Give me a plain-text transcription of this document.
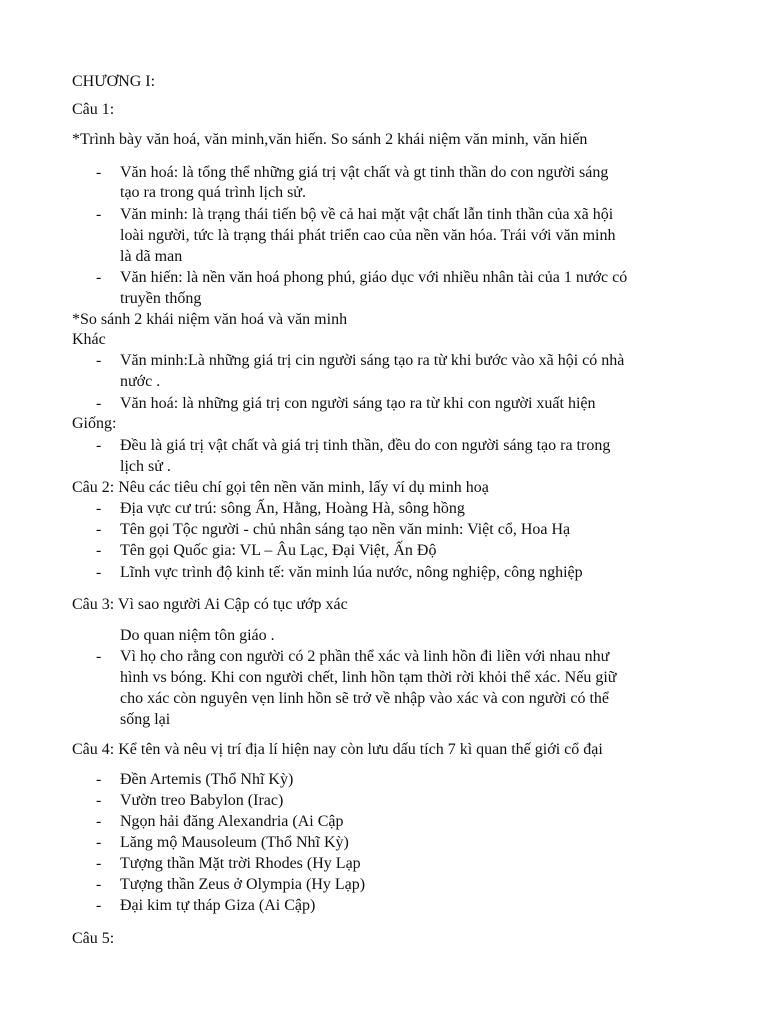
CHƯƠNG I:
Câu 1:
*Trình bày văn hoá, văn minh,văn hiến. So sánh 2 khái niệm văn minh, văn hiến
- Văn hoá: là tổng thể những giá trị vật chất và gt tinh thần do con người sáng
tạo ra trong quá trình lịch sử.
- Văn minh: là trạng thái tiến bộ về cả hai mặt vật chất lẫn tinh thần của xã hội
loài người, tức là trạng thái phát triển cao của nền văn hóa. Trái với văn minh
là dã man
- Văn hiến: là nền văn hoá phong phú, giáo dục với nhiều nhân tài của 1 nước có
truyền thống
*So sánh 2 khái niệm văn hoá và văn minh
Khác
- Văn minh:Là những giá trị cin người sáng tạo ra từ khi bước vào xã hội có nhà
nước .
- Văn hoá: là những giá trị con người sáng tạo ra từ khi con người xuất hiện
Giống:
- Đều là giá trị vật chất và giá trị tinh thần, đều do con người sáng tạo ra trong
lịch sử .
Câu 2: Nêu các tiêu chí gọi tên nền văn minh, lấy ví dụ minh hoạ
- Địa vực cư trú: sông Ấn, Hằng, Hoàng Hà, sông hồng
- Tên gọi Tộc người - chủ nhân sáng tạo nền văn minh: Việt cổ, Hoa Hạ
- Tên gọi Quốc gia: VL – Âu Lạc, Đại Việt, Ấn Độ
- Lĩnh vực trình độ kinh tế: văn minh lúa nước, nông nghiệp, công nghiệp
Câu 3: Vì sao người Ai Cập có tục ướp xác
Do quan niệm tôn giáo .
- Vì họ cho rằng con người có 2 phần thể xác và linh hồn đi liền với nhau như
hình vs bóng. Khi con người chết, linh hồn tạm thời rời khỏi thể xác. Nếu giữ
cho xác còn nguyên vẹn linh hồn sẽ trở về nhập vào xác và con người có thể
sống lại
Câu 4: Kể tên và nêu vị trí địa lí hiện nay còn lưu dấu tích 7 kì quan thế giới cổ đại
- Đền Artemis (Thổ Nhĩ Kỳ)
- Vườn treo Babylon (Irac)
- Ngọn hải đăng Alexandria (Ai Cập
- Lăng mộ Mausoleum (Thổ Nhĩ Kỳ)
- Tượng thần Mặt trời Rhodes (Hy Lạp
- Tượng thần Zeus ở Olympia (Hy Lạp)
- Đại kim tự tháp Giza (Ai Cập)
Câu 5:
